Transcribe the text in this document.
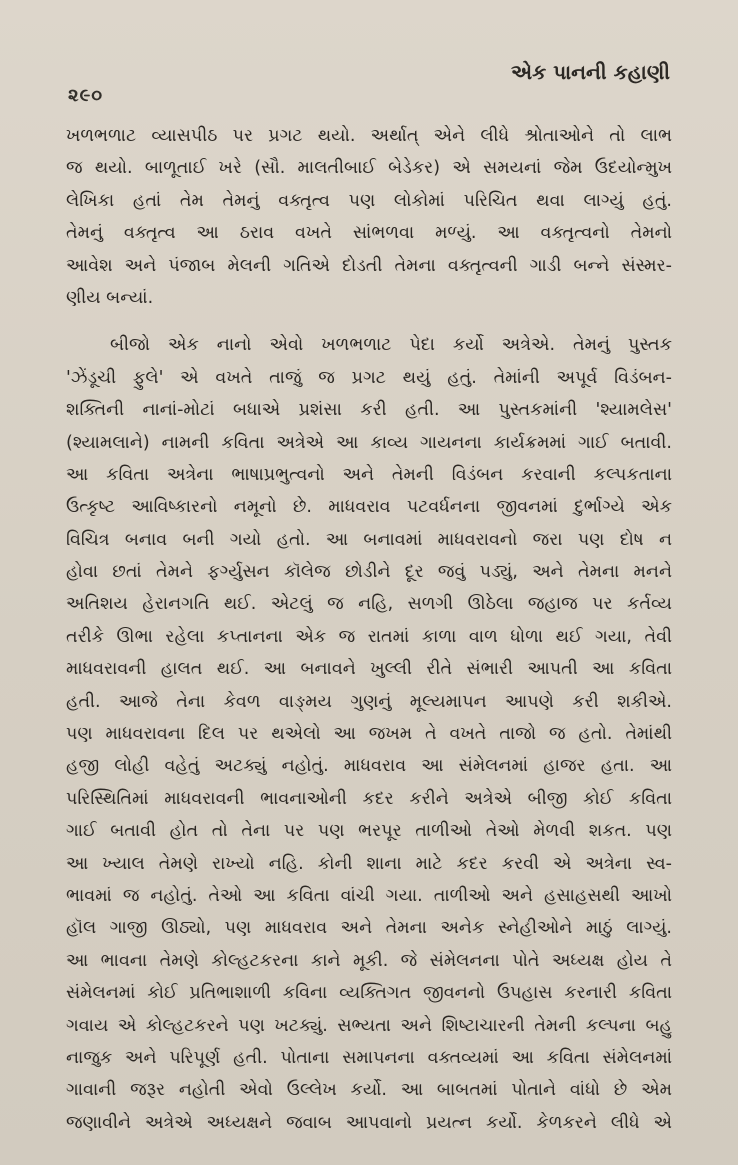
૨૯૦
એક પાનની કહાણી

ખળભળાટ વ્યાસપીઠ પર પ્રગટ થયો. અર્થાત્ એને લીધે શ્રોતાઓને તો લાભ
જ થયો. બાળૂતાઈ ખરે (સૌ. માલતીબાઈ બેડેકર) એ સમયનાં જેમ ઉદયોન્મુખ
લેખિકા હતાં તેમ તેમનું વક્તૃત્વ પણ લોકોમાં પરિચિત થવા લાગ્યું હતું.
તેમનું વક્તૃત્વ આ ઠરાવ વખતે સાંભળવા મળ્યું. આ વક્તૃત્વનો તેમનો
આવેશ અને પંજાબ મેલની ગતિએ દોડતી તેમના વક્તૃત્વની ગાડી બન્ને સંસ્મર-
ણીય બન્યાં.

બીજો એક નાનો એવો ખળભળાટ પેદા કર્યો અત્રેએ. તેમનું પુસ્તક
'ઝેંડૂચી ફુલે' એ વખતે તાજું જ પ્રગટ થયું હતું. તેમાંની અપૂર્વ વિડંબન-
શક્તિની નાનાં-મોટાં બધાએ પ્રશંસા કરી હતી. આ પુસ્તકમાંની 'શ્યામલેસ'
(શ્યામલાને) નામની કવિતા અત્રેએ આ કાવ્ય ગાયનના કાર્યક્રમમાં ગાઈ બતાવી.
આ કવિતા અત્રેના ભાષાપ્રભુત્વનો અને તેમની વિડંબન કરવાની કલ્પકતાના
ઉત્કૃષ્ટ આવિષ્કારનો નમૂનો છે. માધવરાવ પટવર્ધનના જીવનમાં દુર્ભાગ્યે એક
વિચિત્ર બનાવ બની ગયો હતો. આ બનાવમાં માધવરાવનો જરા પણ દોષ ન
હોવા છતાં તેમને ફર્ગ્યુસન કૉલેજ છોડીને દૂર જવું પડ્યું, અને તેમના મનને
અતિશય હેરાનગતિ થઈ. એટલું જ નહિ, સળગી ઊઠેલા જહાજ પર કર્તવ્ય
તરીકે ઊભા રહેલા કપ્તાનના એક જ રાતમાં કાળા વાળ ધોળા થઈ ગયા, તેવી
માધવરાવની હાલત થઈ. આ બનાવને ખુલ્લી રીતે સંભારી આપતી આ કવિતા
હતી. આજે તેના કેવળ વાઙ્મય ગુણનું મૂલ્યમાપન આપણે કરી શકીએ.
પણ માધવરાવના દિલ પર થએલો આ જખમ તે વખતે તાજો જ હતો. તેમાંથી
હજી લોહી વહેતું અટક્યું નહોતું. માધવરાવ આ સંમેલનમાં હાજર હતા. આ
પરિસ્થિતિમાં માધવરાવની ભાવનાઓની કદર કરીને અત્રેએ બીજી કોઈ કવિતા
ગાઈ બતાવી હોત તો તેના પર પણ ભરપૂર તાળીઓ તેઓ મેળવી શકત. પણ
આ ખ્યાલ તેમણે રાખ્યો નહિ. કોની શાના માટે કદર કરવી એ અત્રેના સ્વ-
ભાવમાં જ નહોતું. તેઓ આ કવિતા વાંચી ગયા. તાળીઓ અને હસાહસથી આખો
હૉલ ગાજી ઊઠ્યો, પણ માધવરાવ અને તેમના અનેક સ્નેહીઓને માઠું લાગ્યું.
આ ભાવના તેમણે કોલ્હટકરના કાને મૂકી. જે સંમેલનના પોતે અધ્યક્ષ હોય તે
સંમેલનમાં કોઈ પ્રતિભાશાળી કવિના વ્યક્તિગત જીવનનો ઉપહાસ કરનારી કવિતા
ગવાય એ કોલ્હટકરને પણ ખટક્યું. સભ્યતા અને શિષ્ટાચારની તેમની કલ્પના બહુ
નાજુક અને પરિપૂર્ણ હતી. પોતાના સમાપનના વક્તવ્યમાં આ કવિતા સંમેલનમાં
ગાવાની જરૂર નહોતી એવો ઉલ્લેખ કર્યો. આ બાબતમાં પોતાને વાંધો છે એમ
જણાવીને અત્રેએ અધ્યક્ષને જવાબ આપવાનો પ્રયત્ન કર્યો. કેળકરને લીધે એ
